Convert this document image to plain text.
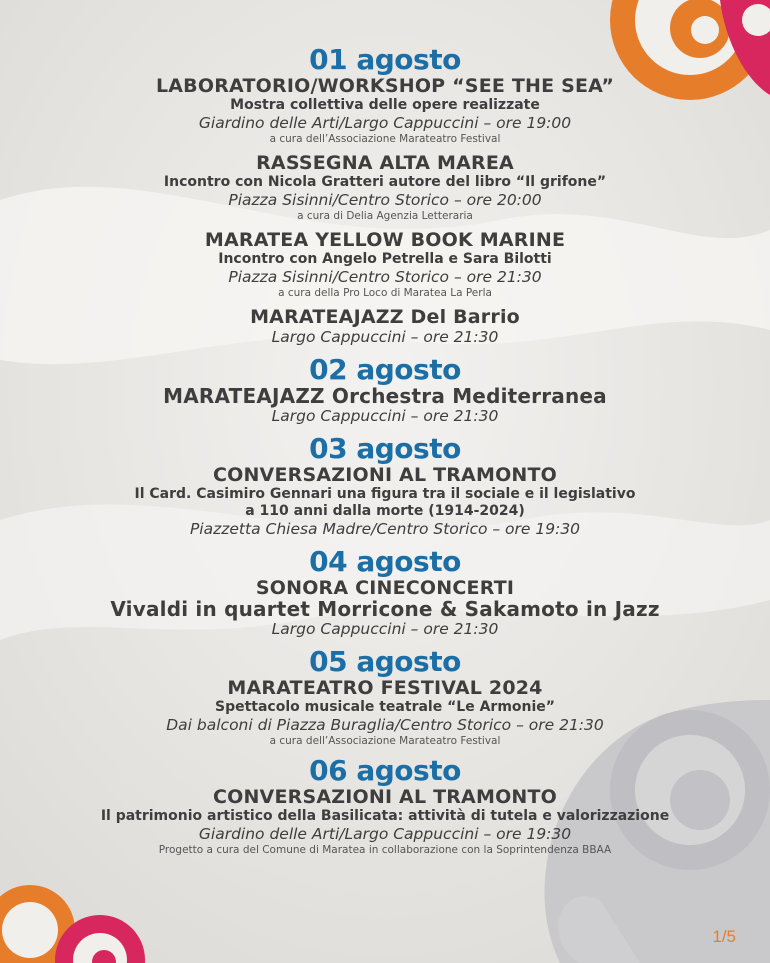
01 agosto
LABORATORIO/WORKSHOP “SEE THE SEA”
Mostra collettiva delle opere realizzate
Giardino delle Arti/Largo Cappuccini – ore 19:00
a cura dell’Associazione Marateatro Festival
RASSEGNA ALTA MAREA
Incontro con Nicola Gratteri autore del libro “Il grifone”
Piazza Sisinni/Centro Storico – ore 20:00
a cura di Delia Agenzia Letteraria
MARATEA YELLOW BOOK MARINE
Incontro con Angelo Petrella e Sara Bilotti
Piazza Sisinni/Centro Storico – ore 21:30
a cura della Pro Loco di Maratea La Perla
MARATEAJAZZ Del Barrio
Largo Cappuccini – ore 21:30
02 agosto
MARATEAJAZZ Orchestra Mediterranea
Largo Cappuccini – ore 21:30
03 agosto
CONVERSAZIONI AL TRAMONTO
Il Card. Casimiro Gennari una figura tra il sociale e il legislativo
a 110 anni dalla morte (1914-2024)
Piazzetta Chiesa Madre/Centro Storico – ore 19:30
04 agosto
SONORA CINECONCERTI
Vivaldi in quartet Morricone & Sakamoto in Jazz
Largo Cappuccini – ore 21:30
05 agosto
MARATEATRO FESTIVAL 2024
Spettacolo musicale teatrale “Le Armonie”
Dai balconi di Piazza Buraglia/Centro Storico – ore 21:30
a cura dell’Associazione Marateatro Festival
06 agosto
CONVERSAZIONI AL TRAMONTO
Il patrimonio artistico della Basilicata: attività di tutela e valorizzazione
Giardino delle Arti/Largo Cappuccini – ore 19:30
Progetto a cura del Comune di Maratea in collaborazione con la Soprintendenza BBAA
1/5
